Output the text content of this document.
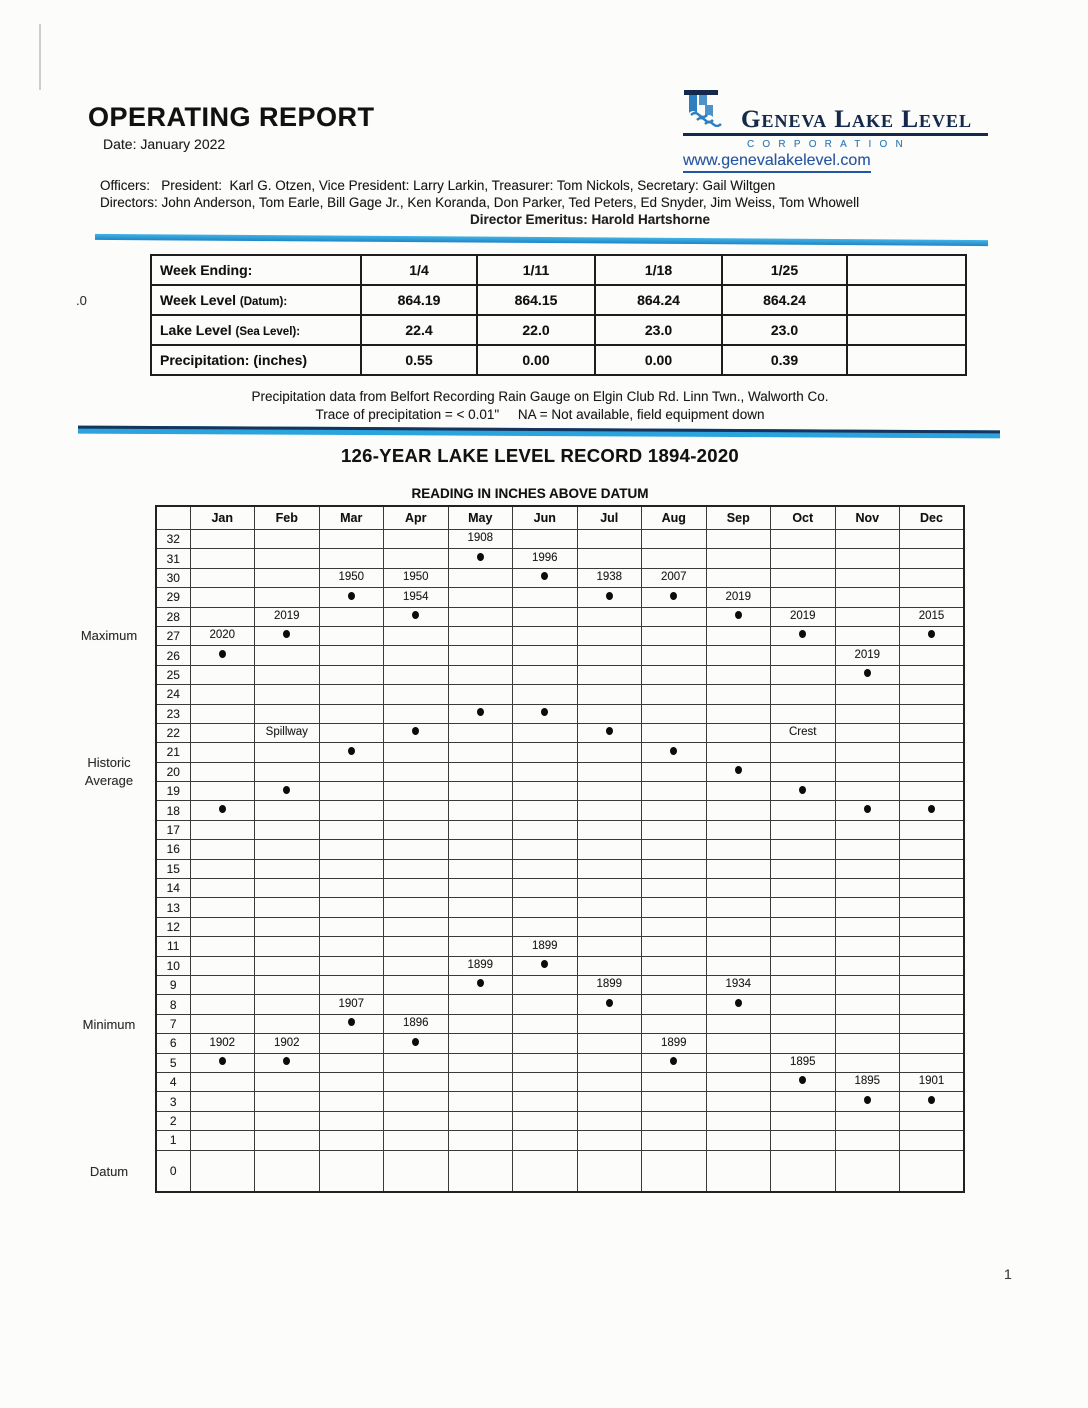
.0
OPERATING REPORT
Date: January 2022
Geneva Lake Level
CORPORATION
www.genevalakelevel.com
Officers:   President:  Karl G. Otzen, Vice President: Larry Larkin, Treasurer: Tom Nickols, Secretary: Gail Wiltgen
Directors: John Anderson, Tom Earle, Bill Gage Jr., Ken Koranda, Don Parker, Ted Peters, Ed Snyder, Jim Weiss, Tom Whowell
Director Emeritus: Harold Hartshorne
Week Ending:	1/4	1/11	1/18	1/25	
Week Level (Datum):	864.19	864.15	864.24	864.24	
Lake Level (Sea Level):	22.4	22.0	23.0	23.0	
Precipitation: (inches)	0.55	0.00	0.00	0.39	
Precipitation data from Belfort Recording Rain Gauge on Elgin Club Rd. Linn Twn., Walworth Co.
Trace of precipitation = < 0.01"     NA = Not available, field equipment down
126-YEAR LAKE LEVEL RECORD 1894-2020
READING IN INCHES ABOVE DATUM
	Jan	Feb	Mar	Apr	May	Jun	Jul	Aug	Sep	Oct	Nov	Dec
32					1908							
31						1996						
30			1950	1950			1938	2007				
29				1954					2019			
28		2019								2019		2015
27	2020											
26											2019	
25												
24												
23												
22		Spillway								Crest		
21												
20												
19												
18												
17												
16												
15												
14												
13												
12												
11						1899						
10					1899							
9							1899		1934			
8			1907									
7				1896								
6	1902	1902						1899				
5										1895		
4											1895	1901
3												
2												
1												
0												
Maximum
Historic
Average
Minimum
Datum
1
